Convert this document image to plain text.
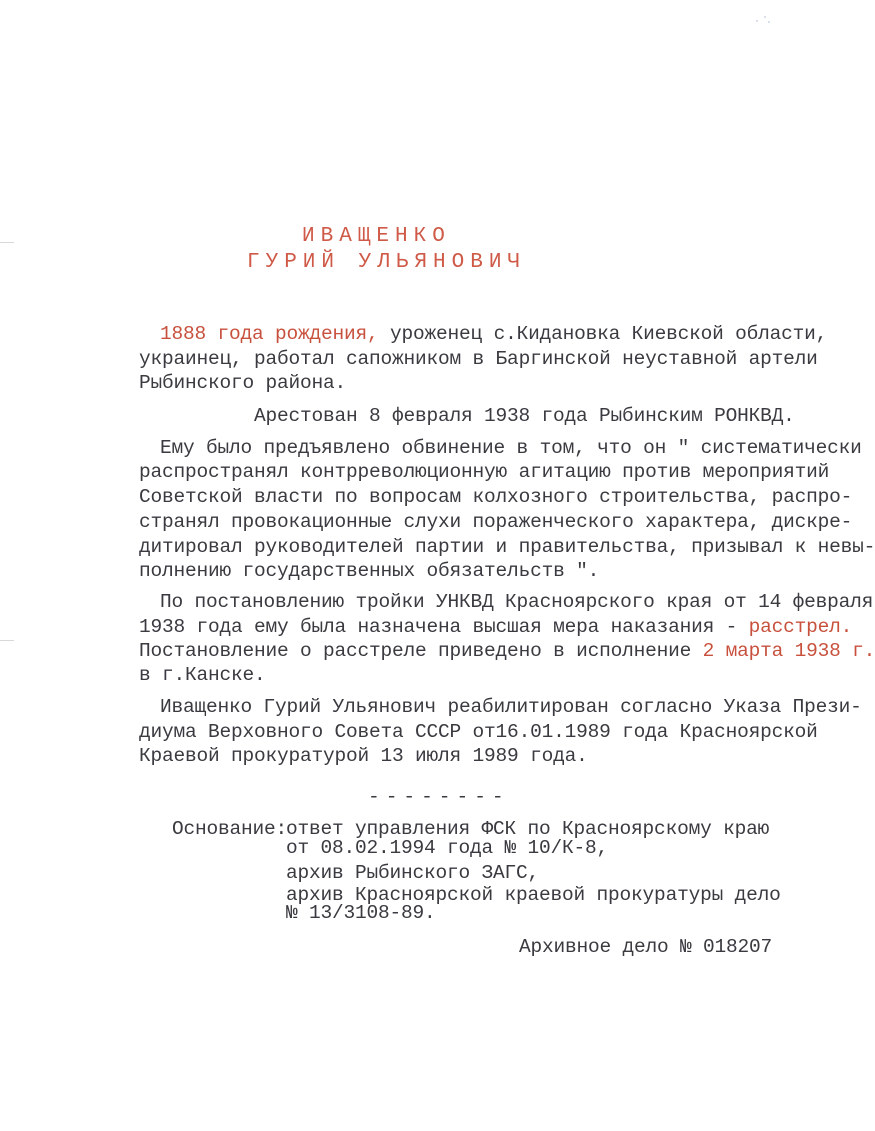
ИВАЩЕНКО
ГУРИЙ УЛЬЯНОВИЧ
1888 года рождения, уроженец с.Кидановка Киевской области,
украинец, работал сапожником в Баргинской неуставной артели
Рыбинского района.
Арестован 8 февраля 1938 года Рыбинским РОНКВД.
Ему было предъявлено обвинение в том, что он " систематически
распространял контрреволюционную агитацию против мероприятий
Советской власти по вопросам колхозного строительства, распро-
странял провокационные слухи пораженческого характера, дискре-
дитировал руководителей партии и правительства, призывал к невы-
полнению государственных обязательств ".
По постановлению тройки УНКВД Красноярского края от 14 февраля
1938 года ему была назначена высшая мера наказания - расстрел.
Постановление о расстреле приведено в исполнение 2 марта 1938 г.
в г.Канске.
Иващенко Гурий Ульянович реабилитирован согласно Указа Прези-
диума Верховного Совета СССР от16.01.1989 года Красноярской
Краевой прокуратурой 13 июля 1989 года.
--------
Основание:
ответ управления ФСК по Красноярскому краю
от 08.02.1994 года № 10/К-8,
архив Рыбинского ЗАГС,
архив Красноярской краевой прокуратуры дело
№ 13/3108-89.
Архивное дело № 018207
